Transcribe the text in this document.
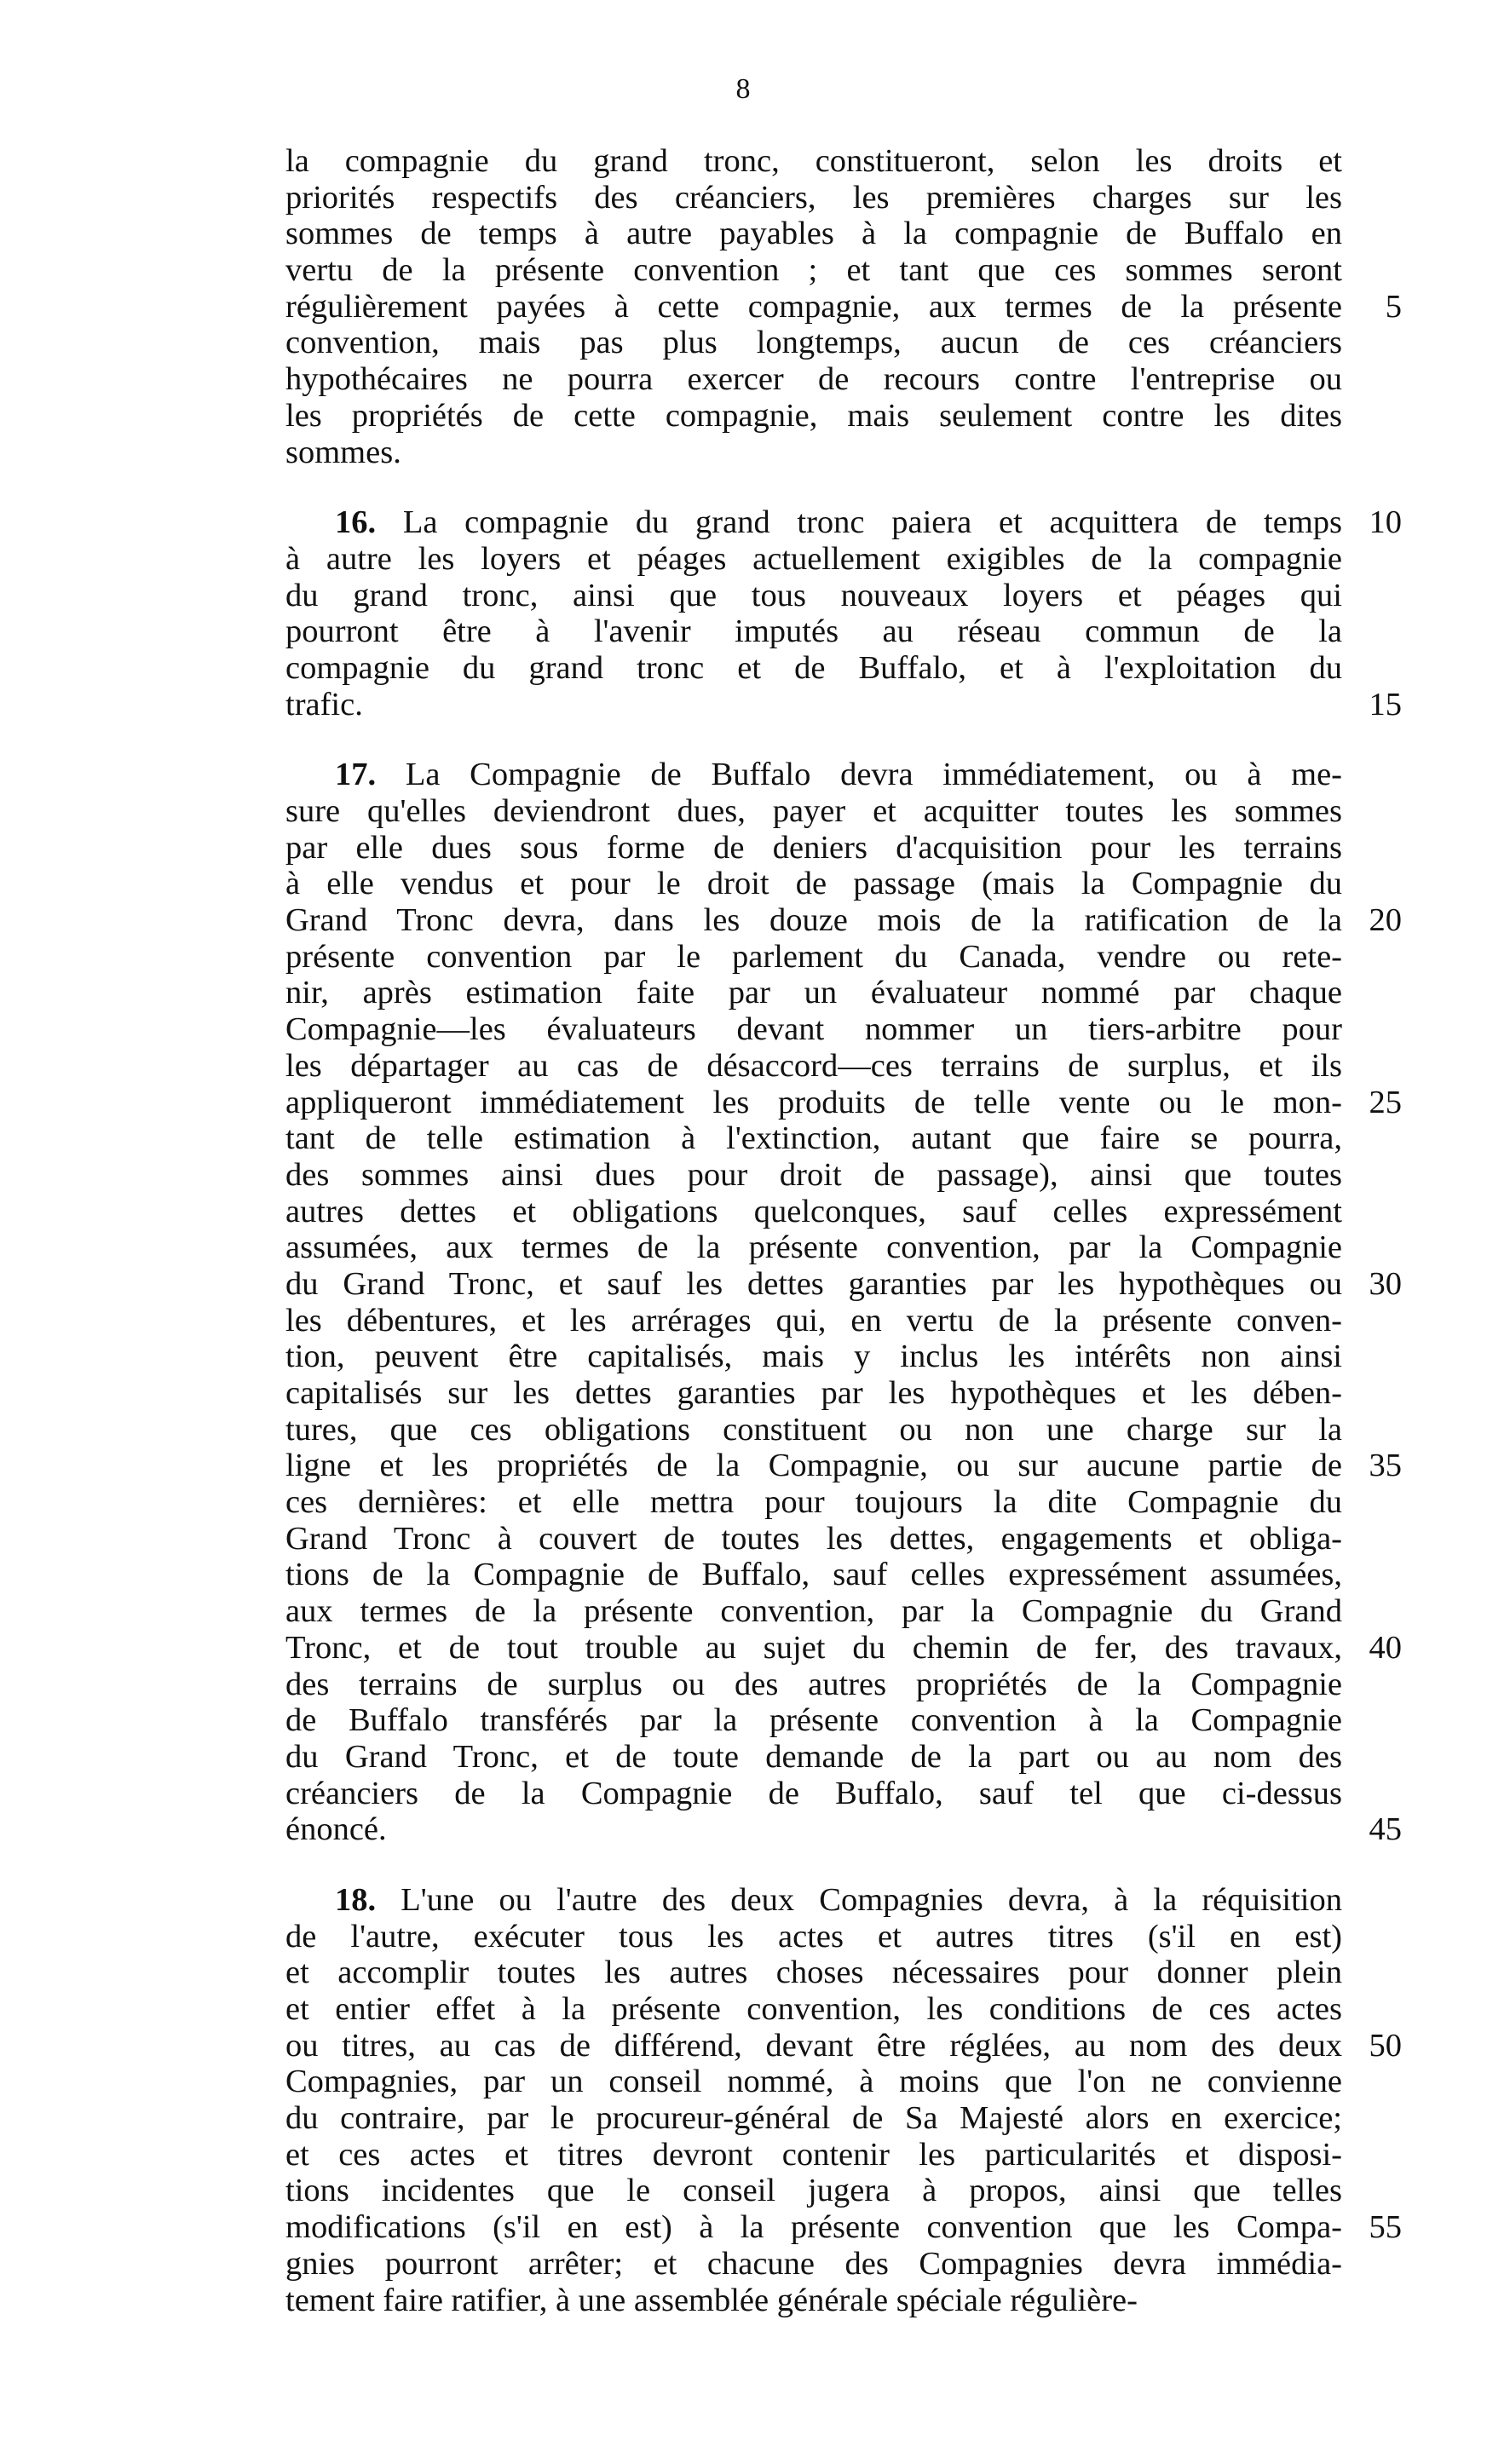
8
la compagnie du grand tronc, constitueront, selon les droits et
priorités respectifs des créanciers, les premières charges sur les
sommes de temps à autre payables à la compagnie de Buffalo en
vertu de la présente convention ; et tant que ces sommes seront
régulièrement payées à cette compagnie, aux termes de la présente	5
convention, mais pas plus longtemps, aucun de ces créanciers
hypothécaires ne pourra exercer de recours contre l'entreprise ou
les propriétés de cette compagnie, mais seulement contre les dites
sommes.
16. La compagnie du grand tronc paiera et acquittera de temps 10
à autre les loyers et péages actuellement exigibles de la compagnie
du grand tronc, ainsi que tous nouveaux loyers et péages qui
pourront être à l'avenir imputés au réseau commun de la
compagnie du grand tronc et de Buffalo, et à l'exploitation du
trafic.	15
17. La Compagnie de Buffalo devra immédiatement, ou à me-
sure qu'elles deviendront dues, payer et acquitter toutes les sommes
par elle dues sous forme de deniers d'acquisition pour les terrains
à elle vendus et pour le droit de passage (mais la Compagnie du
Grand Tronc devra, dans les douze mois de la ratification de la 20
présente convention par le parlement du Canada, vendre ou rete-
nir, après estimation faite par un évaluateur nommé par chaque
Compagnie—les évaluateurs devant nommer un tiers-arbitre pour
les départager au cas de désaccord—ces terrains de surplus, et ils
appliqueront immédiatement les produits de telle vente ou le mon- 25
tant de telle estimation à l'extinction, autant que faire se pourra,
des sommes ainsi dues pour droit de passage), ainsi que toutes
autres dettes et obligations quelconques, sauf celles expressément
assumées, aux termes de la présente convention, par la Compagnie
du Grand Tronc, et sauf les dettes garanties par les hypothèques ou 30
les débentures, et les arrérages qui, en vertu de la présente conven-
tion, peuvent être capitalisés, mais y inclus les intérêts non ainsi
capitalisés sur les dettes garanties par les hypothèques et les dében-
tures, que ces obligations constituent ou non une charge sur la
ligne et les propriétés de la Compagnie, ou sur aucune partie de 35
ces dernières: et elle mettra pour toujours la dite Compagnie du
Grand Tronc à couvert de toutes les dettes, engagements et obliga-
tions de la Compagnie de Buffalo, sauf celles expressément assumées,
aux termes de la présente convention, par la Compagnie du Grand
Tronc, et de tout trouble au sujet du chemin de fer, des travaux, 40
des terrains de surplus ou des autres propriétés de la Compagnie
de Buffalo transférés par la présente convention à la Compagnie
du Grand Tronc, et de toute demande de la part ou au nom des
créanciers de la Compagnie de Buffalo, sauf tel que ci-dessus
énoncé.	45
18. L'une ou l'autre des deux Compagnies devra, à la réquisition
de l'autre, exécuter tous les actes et autres titres (s'il en est)
et accomplir toutes les autres choses nécessaires pour donner plein
et entier effet à la présente convention, les conditions de ces actes
ou titres, au cas de différend, devant être réglées, au nom des deux 50
Compagnies, par un conseil nommé, à moins que l'on ne convienne
du contraire, par le procureur-général de Sa Majesté alors en exercice;
et ces actes et titres devront contenir les particularités et disposi-
tions incidentes que le conseil jugera à propos, ainsi que telles
modifications (s'il en est) à la présente convention que les Compa- 55
gnies pourront arrêter; et chacune des Compagnies devra immédia-
tement faire ratifier, à une assemblée générale spéciale régulière-
